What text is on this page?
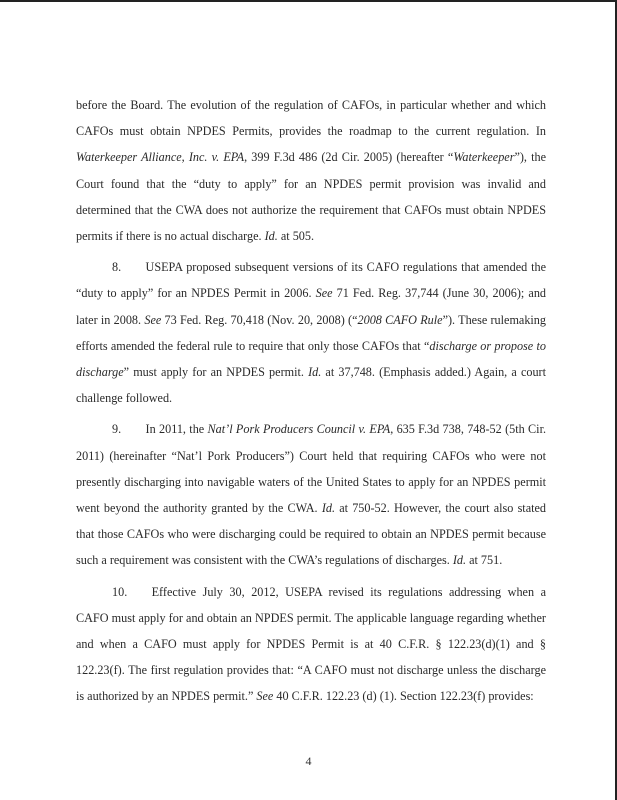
before the Board. The evolution of the regulation of CAFOs, in particular whether and which CAFOs must obtain NPDES Permits, provides the roadmap to the current regulation. In Waterkeeper Alliance, Inc. v. EPA, 399 F.3d 486 (2d Cir. 2005) (hereafter “Waterkeeper”), the Court found that the “duty to apply” for an NPDES permit provision was invalid and determined that the CWA does not authorize the requirement that CAFOs must obtain NPDES permits if there is no actual discharge. Id. at 505.

8.   USEPA proposed subsequent versions of its CAFO regulations that amended the “duty to apply” for an NPDES Permit in 2006. See 71 Fed. Reg. 37,744 (June 30, 2006); and later in 2008. See 73 Fed. Reg. 70,418 (Nov. 20, 2008) (“2008 CAFO Rule”). These rulemaking efforts amended the federal rule to require that only those CAFOs that “discharge or propose to discharge” must apply for an NPDES permit. Id. at 37,748. (Emphasis added.) Again, a court challenge followed.

9.   In 2011, the Nat’l Pork Producers Council v. EPA, 635 F.3d 738, 748-52 (5th Cir. 2011) (hereinafter “Nat’l Pork Producers”) Court held that requiring CAFOs who were not presently discharging into navigable waters of the United States to apply for an NPDES permit went beyond the authority granted by the CWA. Id. at 750-52. However, the court also stated that those CAFOs who were discharging could be required to obtain an NPDES permit because such a requirement was consistent with the CWA’s regulations of discharges. Id. at 751.

10.   Effective July 30, 2012, USEPA revised its regulations addressing when a CAFO must apply for and obtain an NPDES permit. The applicable language regarding whether and when a CAFO must apply for NPDES Permit is at 40 C.F.R. § 122.23(d)(1) and § 122.23(f). The first regulation provides that: “A CAFO must not discharge unless the discharge is authorized by an NPDES permit.” See 40 C.F.R. 122.23 (d) (1). Section 122.23(f) provides:

4
